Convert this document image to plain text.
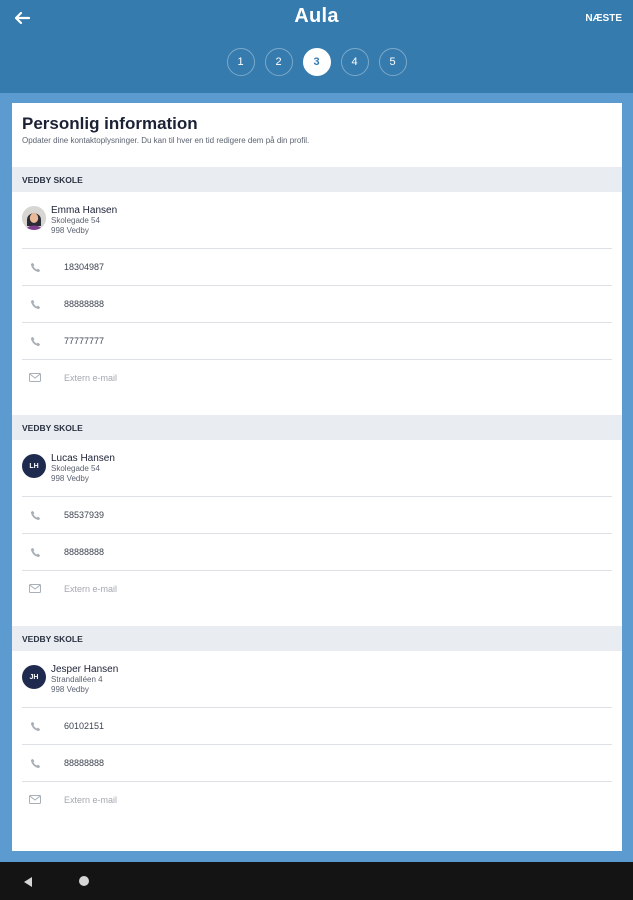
Aula	NÆSTE
1	2	3	4	5
Personlig information
Opdater dine kontaktoplysninger. Du kan til hver en tid redigere dem på din profil.
VEDBY SKOLE
Emma Hansen
Skolegade 54
998 Vedby
18304987
88888888
77777777
Extern e-mail
VEDBY SKOLE
LH
Lucas Hansen
Skolegade 54
998 Vedby
58537939
88888888
Extern e-mail
VEDBY SKOLE
JH
Jesper Hansen
Strandalléen 4
998 Vedby
60102151
88888888
Extern e-mail
